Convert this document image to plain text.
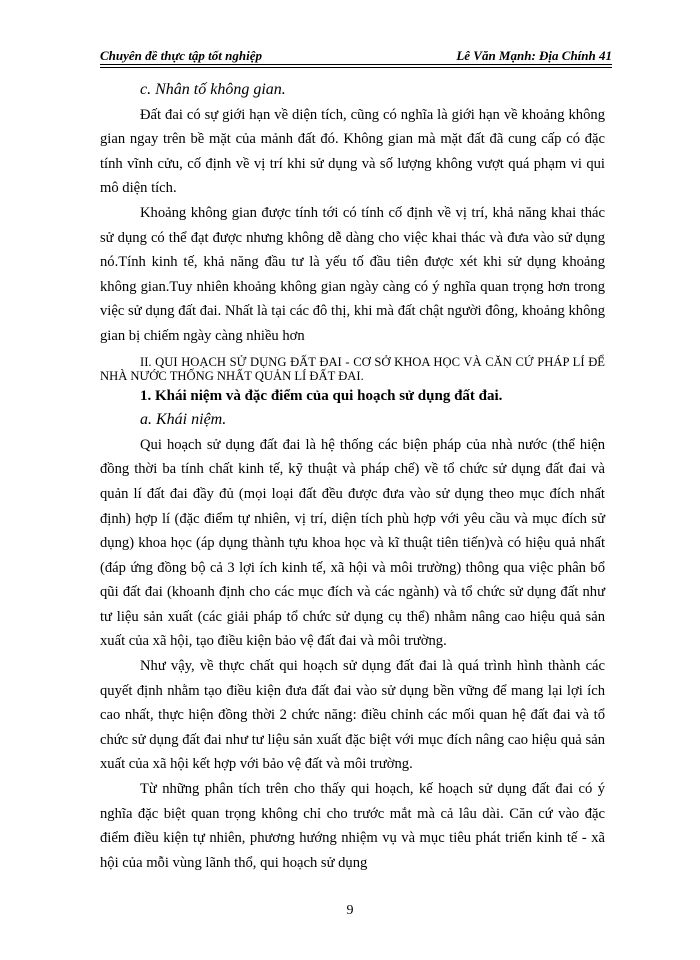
Chuyên đề thực tập tốt nghiệp	Lê Văn Mạnh: Địa Chính 41

c. Nhân tố không gian.

Đất đai có sự giới hạn về diện tích, cũng có nghĩa là giới hạn về khoảng không gian ngay trên bề mặt của mảnh đất đó. Không gian mà mặt đất đã cung cấp có đặc tính vĩnh cửu, cố định về vị trí khi sử dụng và số lượng không vượt quá phạm vi qui mô diện tích.

Khoảng không gian được tính tới có tính cố định về vị trí, khả năng khai thác sử dụng có thể đạt được nhưng không dễ dàng cho việc khai thác và đưa vào sử dụng nó.Tính kinh tế, khả năng đầu tư là yếu tố đầu tiên được xét khi sử dụng khoảng không gian.Tuy nhiên khoảng không gian ngày càng có ý nghĩa quan trọng hơn trong việc sử dụng đất đai. Nhất là tại các đô thị, khi mà đất chật người đông, khoảng không gian bị chiếm ngày càng nhiều hơn

II. QUI HOẠCH SỬ DỤNG ĐẤT ĐAI - CƠ SỞ KHOA HỌC VÀ CĂN CỨ PHÁP LÍ ĐỂ NHÀ NƯỚC THỐNG NHẤT QUẢN LÍ ĐẤT ĐAI.

1. Khái niệm và đặc điểm của qui hoạch sử dụng đất đai.

a. Khái niệm.

Qui hoạch sử dụng đất đai là hệ thống các biện pháp của nhà nước (thể hiện đồng thời ba tính chất kinh tế, kỹ thuật và pháp chế) về tổ chức sử dụng đất đai và quản lí đất đai đầy đủ (mọi loại đất đều được đưa vào sử dụng theo mục đích nhất định) hợp lí (đặc điểm tự nhiên, vị trí, diện tích phù hợp với yêu cầu và mục đích sử dụng) khoa học (áp dụng thành tựu khoa học và kĩ thuật tiên tiến)và có hiệu quả nhất (đáp ứng đồng bộ cả 3 lợi ích kinh tế, xã hội và môi trường) thông qua việc phân bổ qũi đất đai (khoanh định cho các mục đích và các ngành) và tổ chức sử dụng đất như tư liệu sản xuất (các giải pháp tổ chức sử dụng cụ thể) nhằm nâng cao hiệu quả sản xuất của xã hội, tạo điều kiện bảo vệ đất đai và môi trường.

Như vậy, về thực chất qui hoạch sử dụng đất đai là quá trình hình thành các quyết định nhằm tạo điều kiện đưa đất đai vào sử dụng bền vững để mang lại lợi ích cao nhất, thực hiện đồng thời 2 chức năng: điều chỉnh các mối quan hệ đất đai và tổ chức sử dụng đất đai như tư liệu sản xuất đặc biệt với mục đích nâng cao hiệu quả sản xuất của xã hội kết hợp với bảo vệ đất và môi trường.

Từ những phân tích trên cho thấy qui hoạch, kế hoạch sử dụng đất đai có ý nghĩa đặc biệt quan trọng không chỉ cho trước mắt mà cả lâu dài. Căn cứ vào đặc điểm điều kiện tự nhiên, phương hướng nhiệm vụ và mục tiêu phát triển kinh tế - xã hội của mỗi vùng lãnh thổ, qui hoạch sử dụng

9
